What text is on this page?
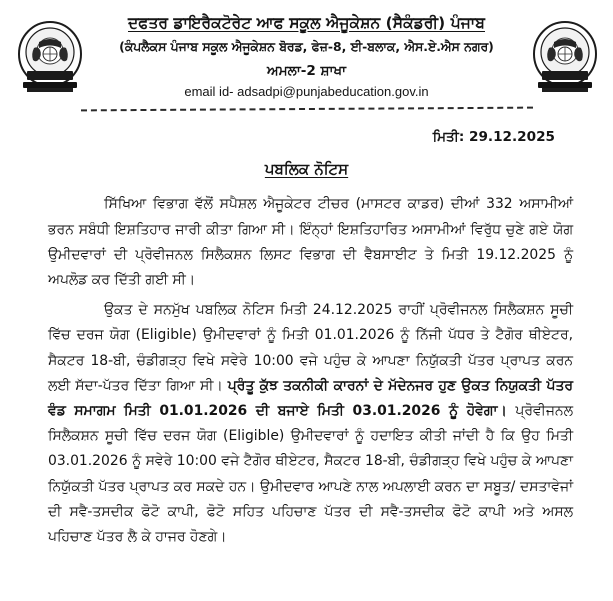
ਦਫਤਰ ਡਾਇਰੈਕਟੋਰੇਟ ਆਫ ਸਕੂਲ ਐਜੂਕੇਸ਼ਨ (ਸੈਕੰਡਰੀ) ਪੰਜਾਬ
(ਕੰਪਲੈਕਸ ਪੰਜਾਬ ਸਕੂਲ ਐਜੂਕੇਸ਼ਨ ਬੋਰਡ, ਫੇਜ਼-8, ਈ-ਬਲਾਕ, ਐਸ.ਏ.ਐਸ ਨਗਰ)
ਅਮਲਾ-2 ਸ਼ਾਖਾ
email id- adsadpi@punjabeducation.gov.in
ਮਿਤੀ: 29.12.2025
ਪਬਲਿਕ ਨੋਟਿਸ

ਸਿੱਖਿਆ ਵਿਭਾਗ ਵੱਲੋਂ ਸਪੈਸ਼ਲ ਐਜੂਕੇਟਰ ਟੀਚਰ (ਮਾਸਟਰ ਕਾਡਰ) ਦੀਆਂ 332 ਅਸਾਮੀਆਂ ਭਰਨ ਸਬੰਧੀ ਇਸ਼ਤਿਹਾਰ ਜਾਰੀ ਕੀਤਾ ਗਿਆ ਸੀ। ਇੰਨ੍ਹਾਂ ਇਸ਼ਤਿਹਾਰਿਤ ਅਸਾਮੀਆਂ ਵਿਰੁੱਧ ਚੁਣੇ ਗਏ ਯੋਗ ਉਮੀਦਵਾਰਾਂ ਦੀ ਪ੍ਰੋਵੀਜਨਲ ਸਿਲੈਕਸ਼ਨ ਲਿਸਟ ਵਿਭਾਗ ਦੀ ਵੈਬਸਾਈਟ ਤੇ ਮਿਤੀ 19.12.2025 ਨੂੰ ਅਪਲੋਡ ਕਰ ਦਿੱਤੀ ਗਈ ਸੀ।

ਉਕਤ ਦੇ ਸਨਮੁੱਖ ਪਬਲਿਕ ਨੋਟਿਸ ਮਿਤੀ 24.12.2025 ਰਾਹੀਂ ਪ੍ਰੋਵੀਜਨਲ ਸਿਲੈਕਸ਼ਨ ਸੂਚੀ ਵਿੱਚ ਦਰਜ ਯੋਗ (Eligible) ਉਮੀਦਵਾਰਾਂ ਨੂੰ ਮਿਤੀ 01.01.2026 ਨੂੰ ਨਿੱਜੀ ਪੱਧਰ ਤੇ ਟੈਗੋਰ ਥੀਏਟਰ, ਸੈਕਟਰ 18-ਬੀ, ਚੰਡੀਗੜ੍ਹ ਵਿਖੇ ਸਵੇਰੇ 10:00 ਵਜੇ ਪਹੁੰਚ ਕੇ ਆਪਣਾ ਨਿਯੁੱਕਤੀ ਪੱਤਰ ਪ੍ਰਾਪਤ ਕਰਨ ਲਈ ਸੱਦਾ-ਪੱਤਰ ਦਿੱਤਾ ਗਿਆ ਸੀ। ਪ੍ਰੰਤੂ ਕੁੱਝ ਤਕਨੀਕੀ ਕਾਰਨਾਂ ਦੇ ਮੱਦੇਨਜਰ ਹੁਣ ਉਕਤ ਨਿਯੁਕਤੀ ਪੱਤਰ ਵੰਡ ਸਮਾਗਮ ਮਿਤੀ 01.01.2026 ਦੀ ਬਜਾਏ ਮਿਤੀ 03.01.2026 ਨੂੰ ਹੋਵੇਗਾ। ਪ੍ਰੋਵੀਜਨਲ ਸਿਲੈਕਸ਼ਨ ਸੂਚੀ ਵਿੱਚ ਦਰਜ ਯੋਗ (Eligible) ਉਮੀਦਵਾਰਾਂ ਨੂੰ ਹਦਾਇਤ ਕੀਤੀ ਜਾਂਦੀ ਹੈ ਕਿ ਉਹ ਮਿਤੀ 03.01.2026 ਨੂੰ ਸਵੇਰੇ 10:00 ਵਜੇ ਟੈਗੋਰ ਥੀਏਟਰ, ਸੈਕਟਰ 18-ਬੀ, ਚੰਡੀਗੜ੍ਹ ਵਿਖੇ ਪਹੁੰਚ ਕੇ ਆਪਣਾ ਨਿਯੁੱਕਤੀ ਪੱਤਰ ਪ੍ਰਾਪਤ ਕਰ ਸਕਦੇ ਹਨ। ਉਮੀਦਵਾਰ ਆਪਣੇ ਨਾਲ ਅਪਲਾਈ ਕਰਨ ਦਾ ਸਬੂਤ/ ਦਸਤਾਵੇਜਾਂ ਦੀ ਸਵੈ-ਤਸਦੀਕ ਫੋਟੋ ਕਾਪੀ, ਫੋਟੋ ਸਹਿਤ ਪਹਿਚਾਣ ਪੱਤਰ ਦੀ ਸਵੈ-ਤਸਦੀਕ ਫੋਟੋ ਕਾਪੀ ਅਤੇ ਅਸਲ ਪਹਿਚਾਣ ਪੱਤਰ ਲੈ ਕੇ ਹਾਜਰ ਹੋਣਗੇ।
